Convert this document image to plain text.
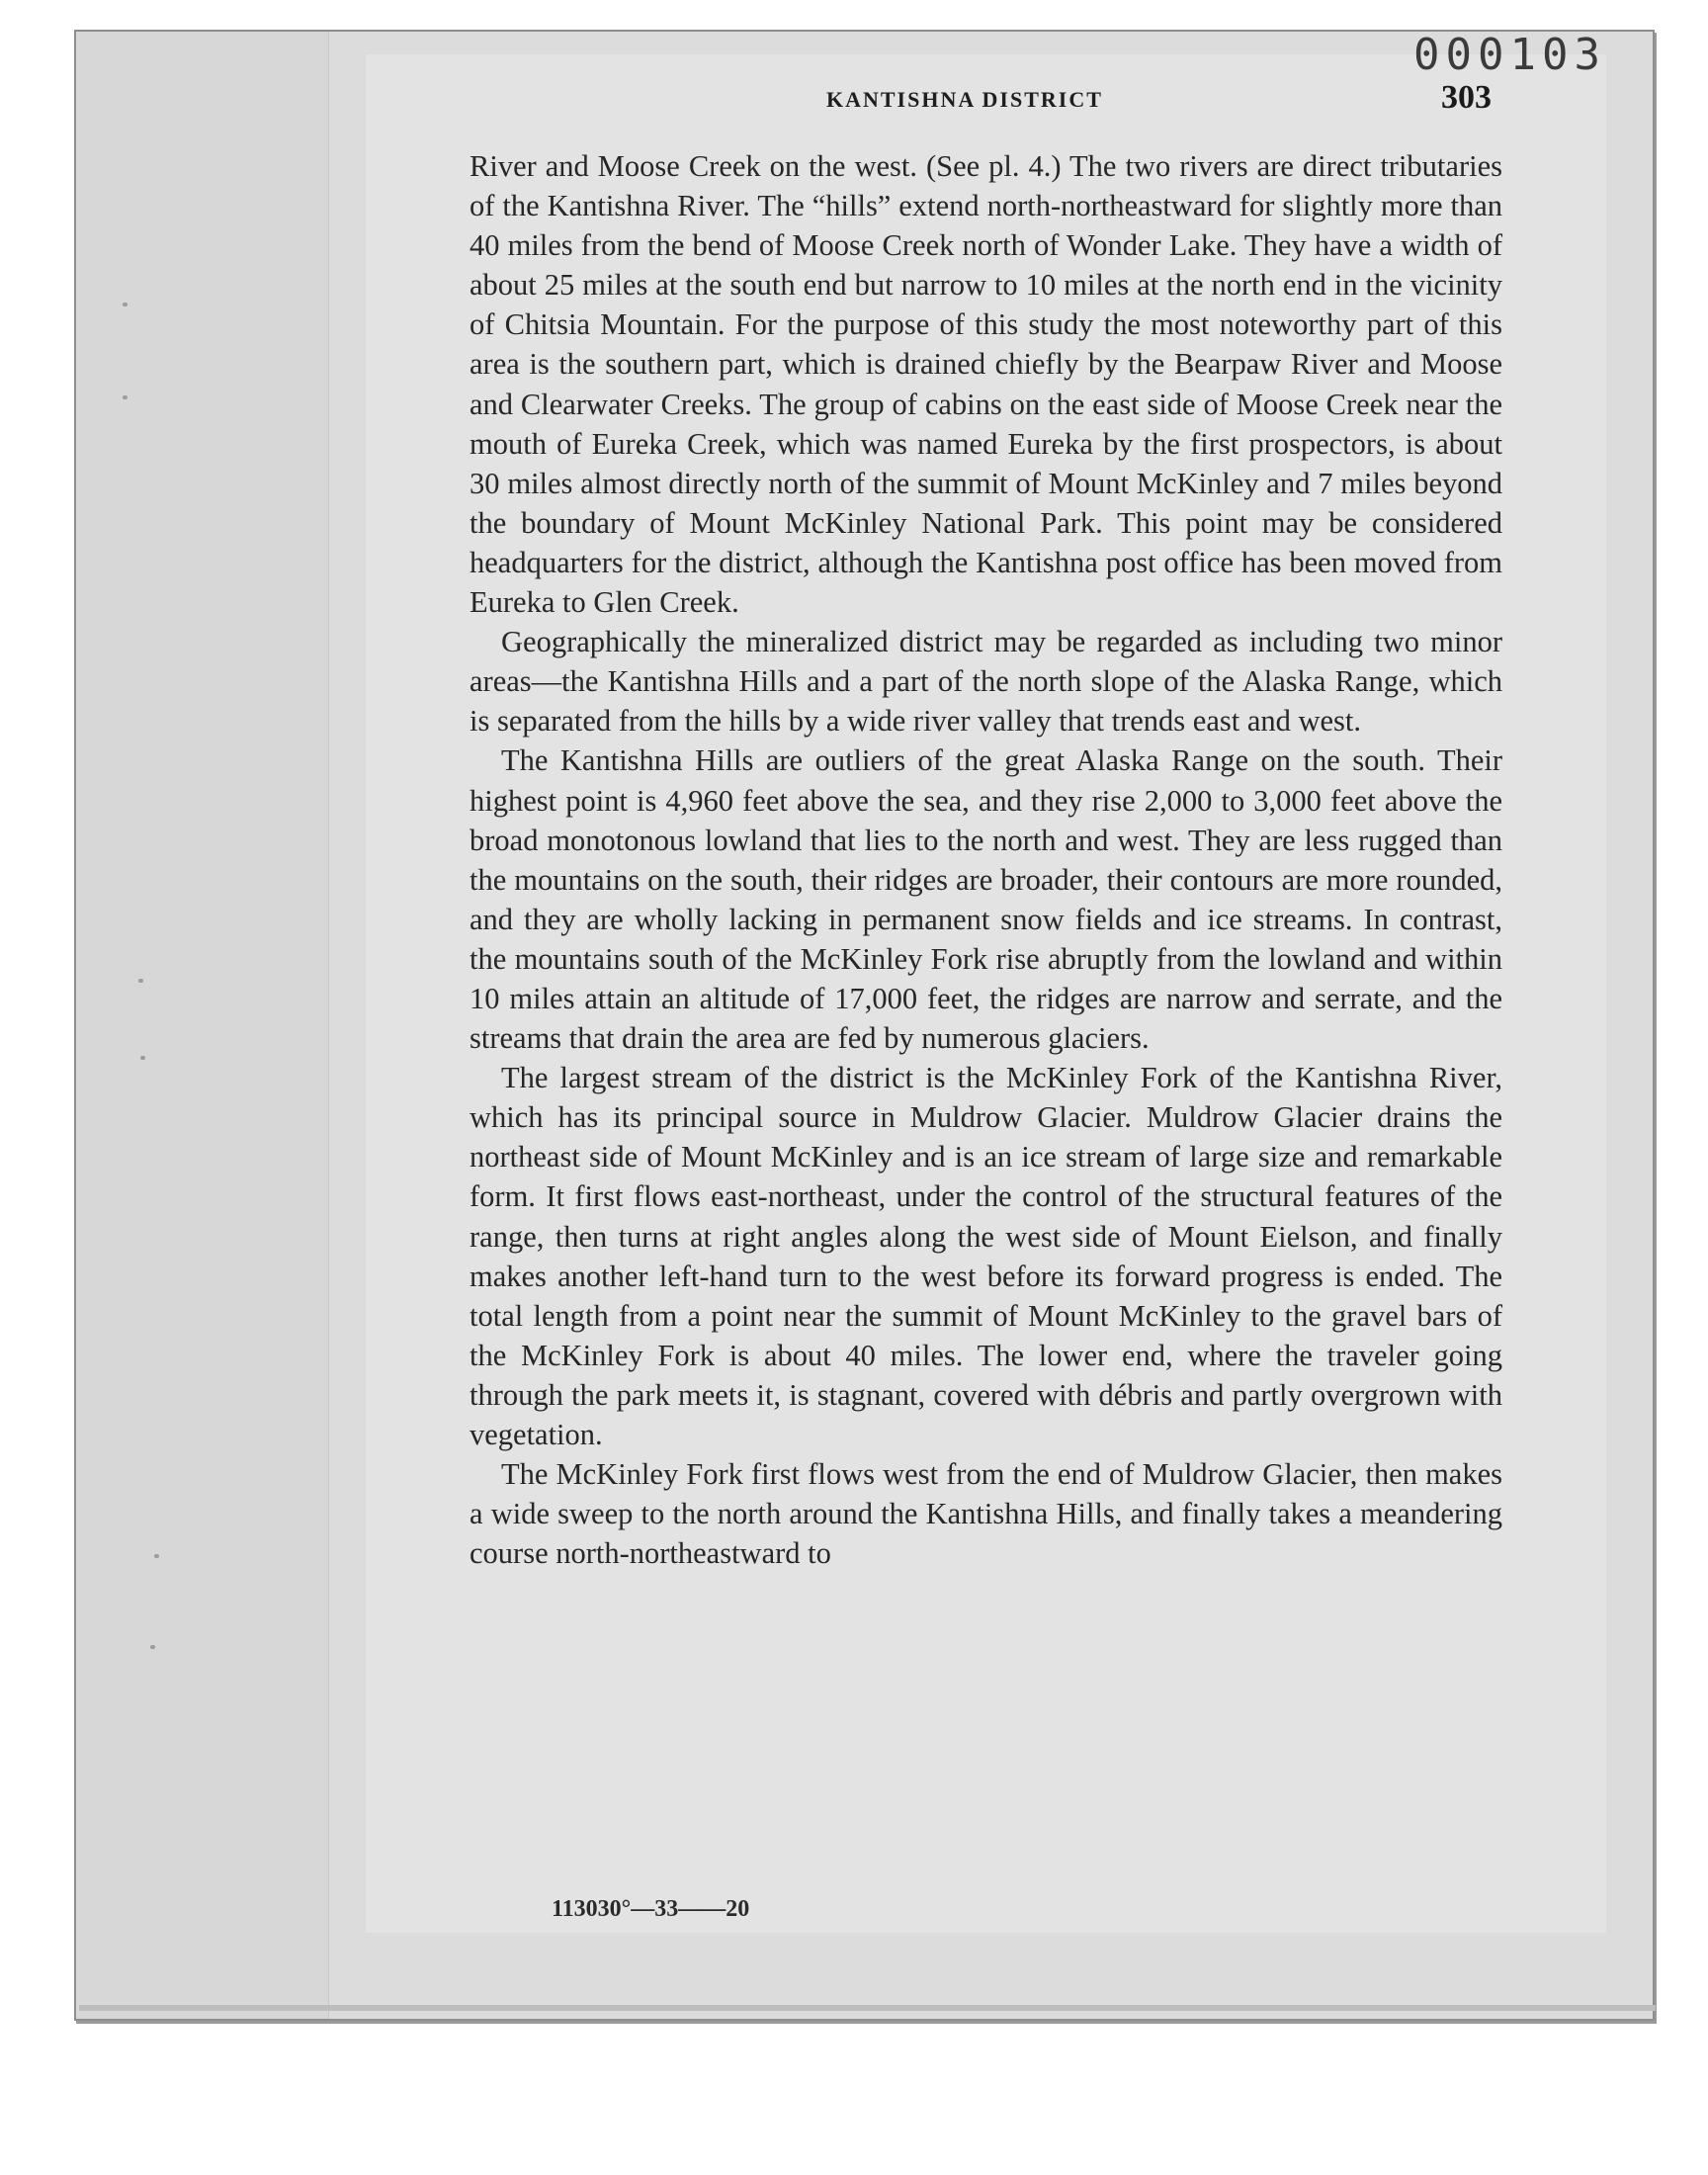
000103
KANTISHNA DISTRICT	303

River and Moose Creek on the west. (See pl. 4.) The two rivers are direct tributaries of the Kantishna River. The “hills” extend north-northeastward for slightly more than 40 miles from the bend of Moose Creek north of Wonder Lake. They have a width of about 25 miles at the south end but narrow to 10 miles at the north end in the vicinity of Chitsia Mountain. For the purpose of this study the most noteworthy part of this area is the southern part, which is drained chiefly by the Bearpaw River and Moose and Clearwater Creeks. The group of cabins on the east side of Moose Creek near the mouth of Eureka Creek, which was named Eureka by the first prospectors, is about 30 miles almost directly north of the summit of Mount McKinley and 7 miles beyond the boundary of Mount McKinley National Park. This point may be considered headquarters for the district, although the Kantishna post office has been moved from Eureka to Glen Creek.

Geographically the mineralized district may be regarded as including two minor areas—the Kantishna Hills and a part of the north slope of the Alaska Range, which is separated from the hills by a wide river valley that trends east and west.

The Kantishna Hills are outliers of the great Alaska Range on the south. Their highest point is 4,960 feet above the sea, and they rise 2,000 to 3,000 feet above the broad monotonous lowland that lies to the north and west. They are less rugged than the mountains on the south, their ridges are broader, their contours are more rounded, and they are wholly lacking in permanent snow fields and ice streams. In contrast, the mountains south of the McKinley Fork rise abruptly from the lowland and within 10 miles attain an altitude of 17,000 feet, the ridges are narrow and serrate, and the streams that drain the area are fed by numerous glaciers.

The largest stream of the district is the McKinley Fork of the Kantishna River, which has its principal source in Muldrow Glacier. Muldrow Glacier drains the northeast side of Mount McKinley and is an ice stream of large size and remarkable form. It first flows east-northeast, under the control of the structural features of the range, then turns at right angles along the west side of Mount Eielson, and finally makes another left-hand turn to the west before its forward progress is ended. The total length from a point near the summit of Mount McKinley to the gravel bars of the McKinley Fork is about 40 miles. The lower end, where the traveler going through the park meets it, is stagnant, covered with débris and partly overgrown with vegetation.

The McKinley Fork first flows west from the end of Muldrow Glacier, then makes a wide sweep to the north around the Kantishna Hills, and finally takes a meandering course north-northeastward to

113030°—33——20
